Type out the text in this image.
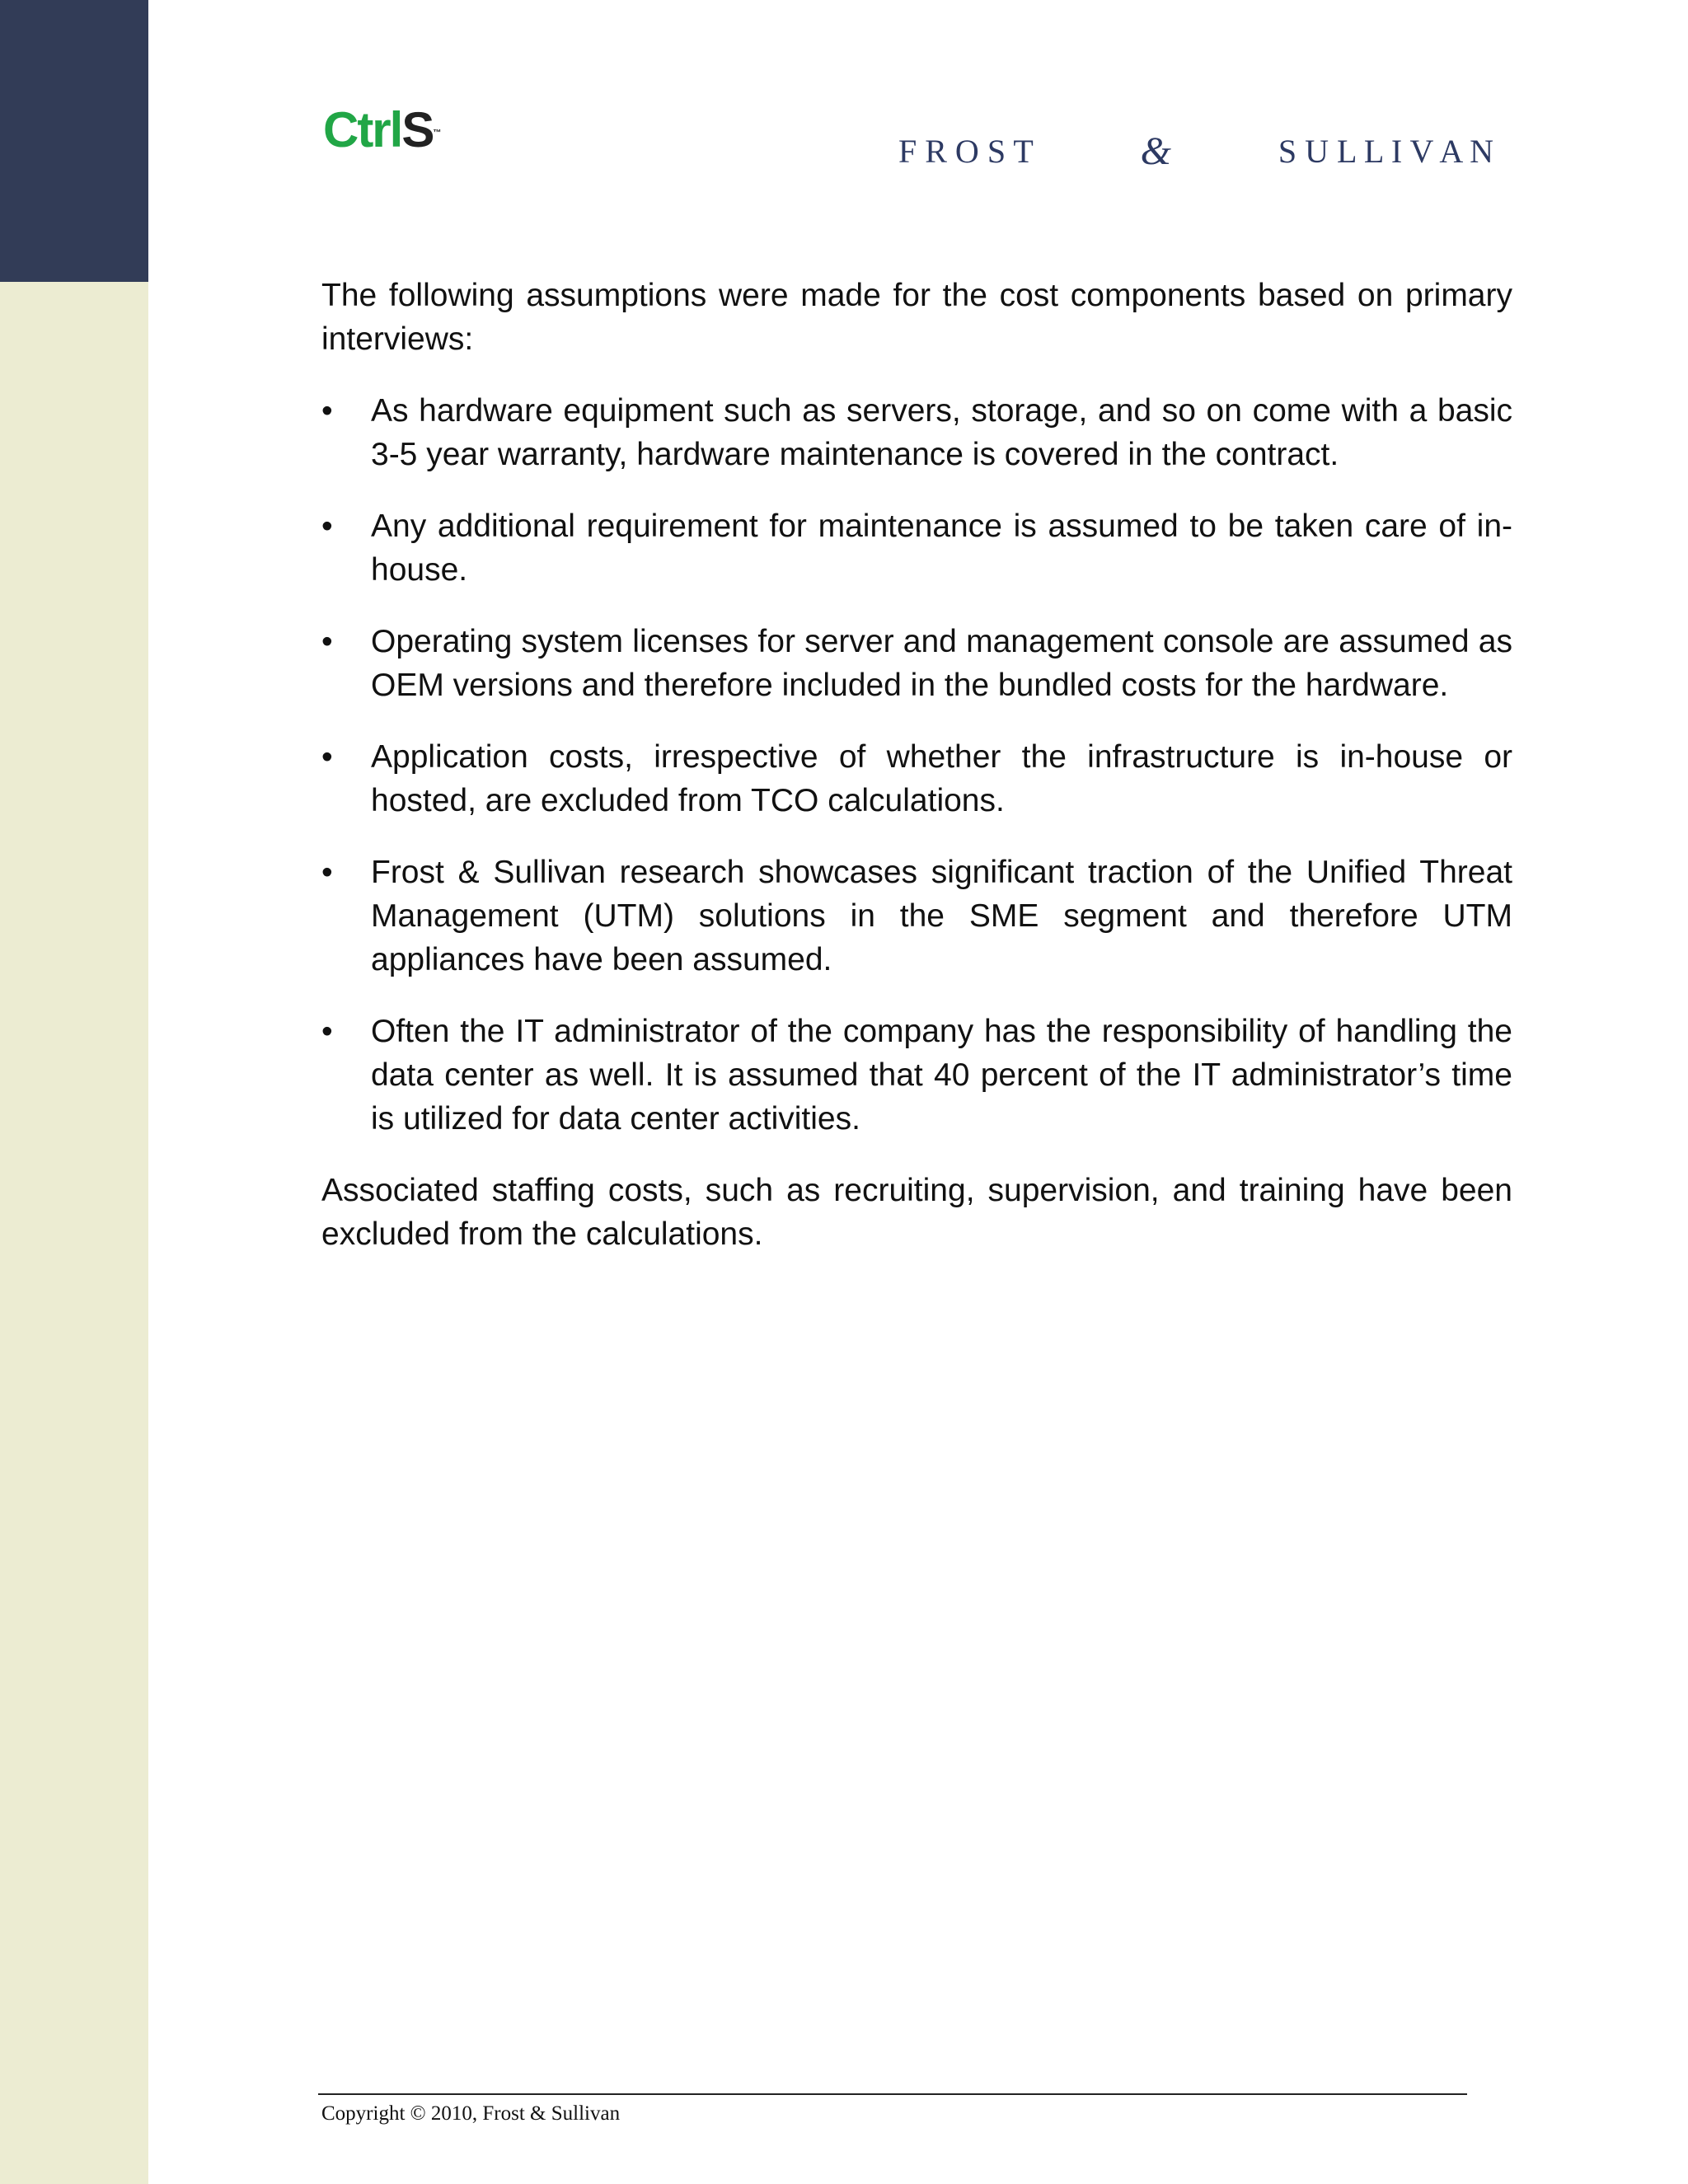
CtrlS™	F R O S T	&	S U L L I V A N

The following assumptions were made for the cost components based on primary interviews:

• As hardware equipment such as servers, storage, and so on come with a basic 3-5 year warranty, hardware maintenance is covered in the contract.
• Any additional requirement for maintenance is assumed to be taken care of in-house.
• Operating system licenses for server and management console are assumed as OEM versions and therefore included in the bundled costs for the hardware.
• Application costs, irrespective of whether the infrastructure is in-house or hosted, are excluded from TCO calculations.
• Frost & Sullivan research showcases significant traction of the Unified Threat Management (UTM) solutions in the SME segment and therefore UTM appliances have been assumed.
• Often the IT administrator of the company has the responsibility of handling the data center as well. It is assumed that 40 percent of the IT administrator’s time is utilized for data center activities.

Associated staffing costs, such as recruiting, supervision, and training have been excluded from the calculations.

Copyright © 2010, Frost & Sullivan
